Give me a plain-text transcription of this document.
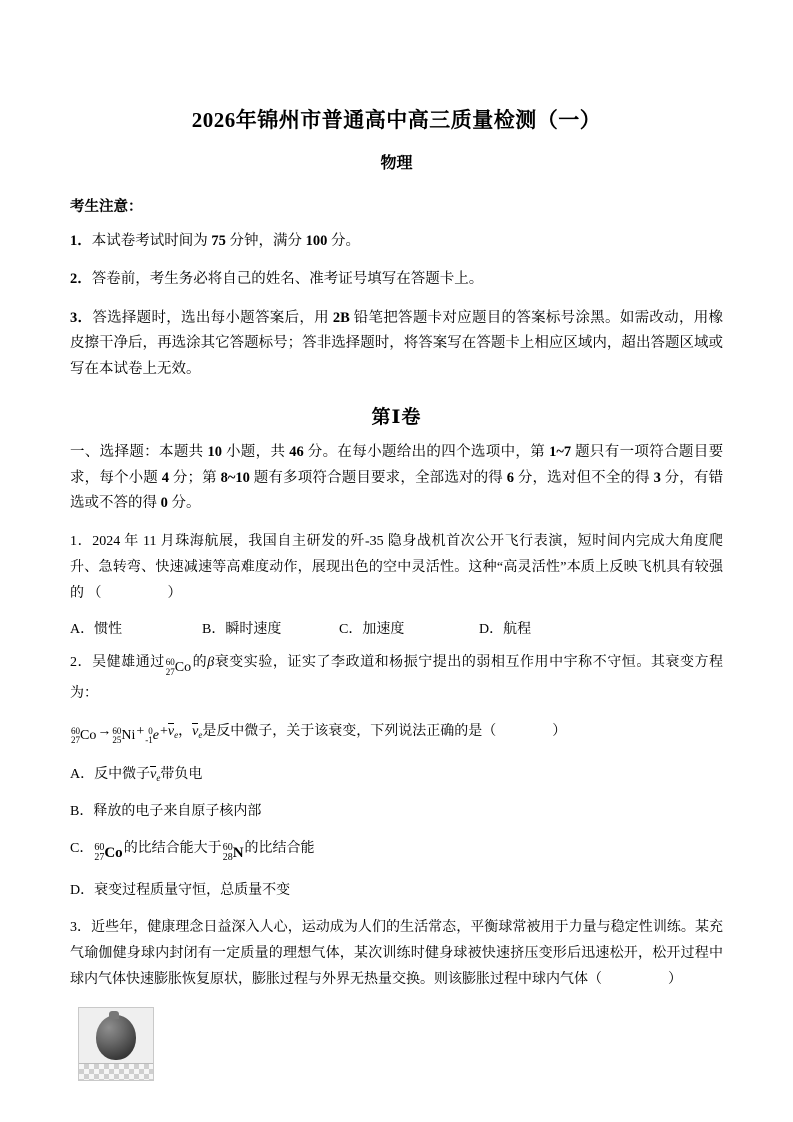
2026年锦州市普通高中高三质量检测（一）
物理
考生注意：
1．本试卷考试时间为 75 分钟，满分 100 分。
2．答卷前，考生务必将自己的姓名、准考证号填写在答题卡上。
3．答选择题时，选出每小题答案后，用 2B 铅笔把答题卡对应题目的答案标号涂黑。如需改动，用橡皮擦干净后，再选涂其它答题标号；答非选择题时，将答案写在答题卡上相应区域内，超出答题区域或写在本试卷上无效。
第Ⅰ卷
一、选择题：本题共 10 小题，共 46 分。在每小题给出的四个选项中，第 1~7 题只有一项符合题目要求，每个小题 4 分；第 8~10 题有多项符合题目要求，全部选对的得 6 分，选对但不全的得 3 分，有错选或不答的得 0 分。
1．2024 年 11 月珠海航展，我国自主研发的歼-35 隐身战机首次公开飞行表演，短时间内完成大角度爬升、急转弯、快速减速等高难度动作，展现出色的空中灵活性。这种“高灵活性”本质上反映飞机具有较强的 （　　　　）
A．惯性	B．瞬时速度	C．加速度	D．航程
2．吴健雄通过 60
27 Co的β衰变实验，证实了李政道和杨振宁提出的弱相互作用中宇称不守恒。其衰变方程为：
60
27 Co→ 60
25 Ni+ 0
-1 $e+\nu_e$，$\nu_e$是反中微子，关于该衰变，下列说法正确的是（　　　　）
A．反中微子$\nu_e$带负电
B．释放的电子来自原子核内部
C． 60
27 Co的比结合能大于 60
28 N的比结合能
D．衰变过程质量守恒，总质量不变
3．近些年，健康理念日益深入人心，运动成为人们的生活常态，平衡球常被用于力量与稳定性训练。某充气瑜伽健身球内封闭有一定质量的理想气体，某次训练时健身球被快速挤压变形后迅速松开，松开过程中球内气体快速膨胀恢复原状，膨胀过程与外界无热量交换。则该膨胀过程中球内气体（　　　　）
